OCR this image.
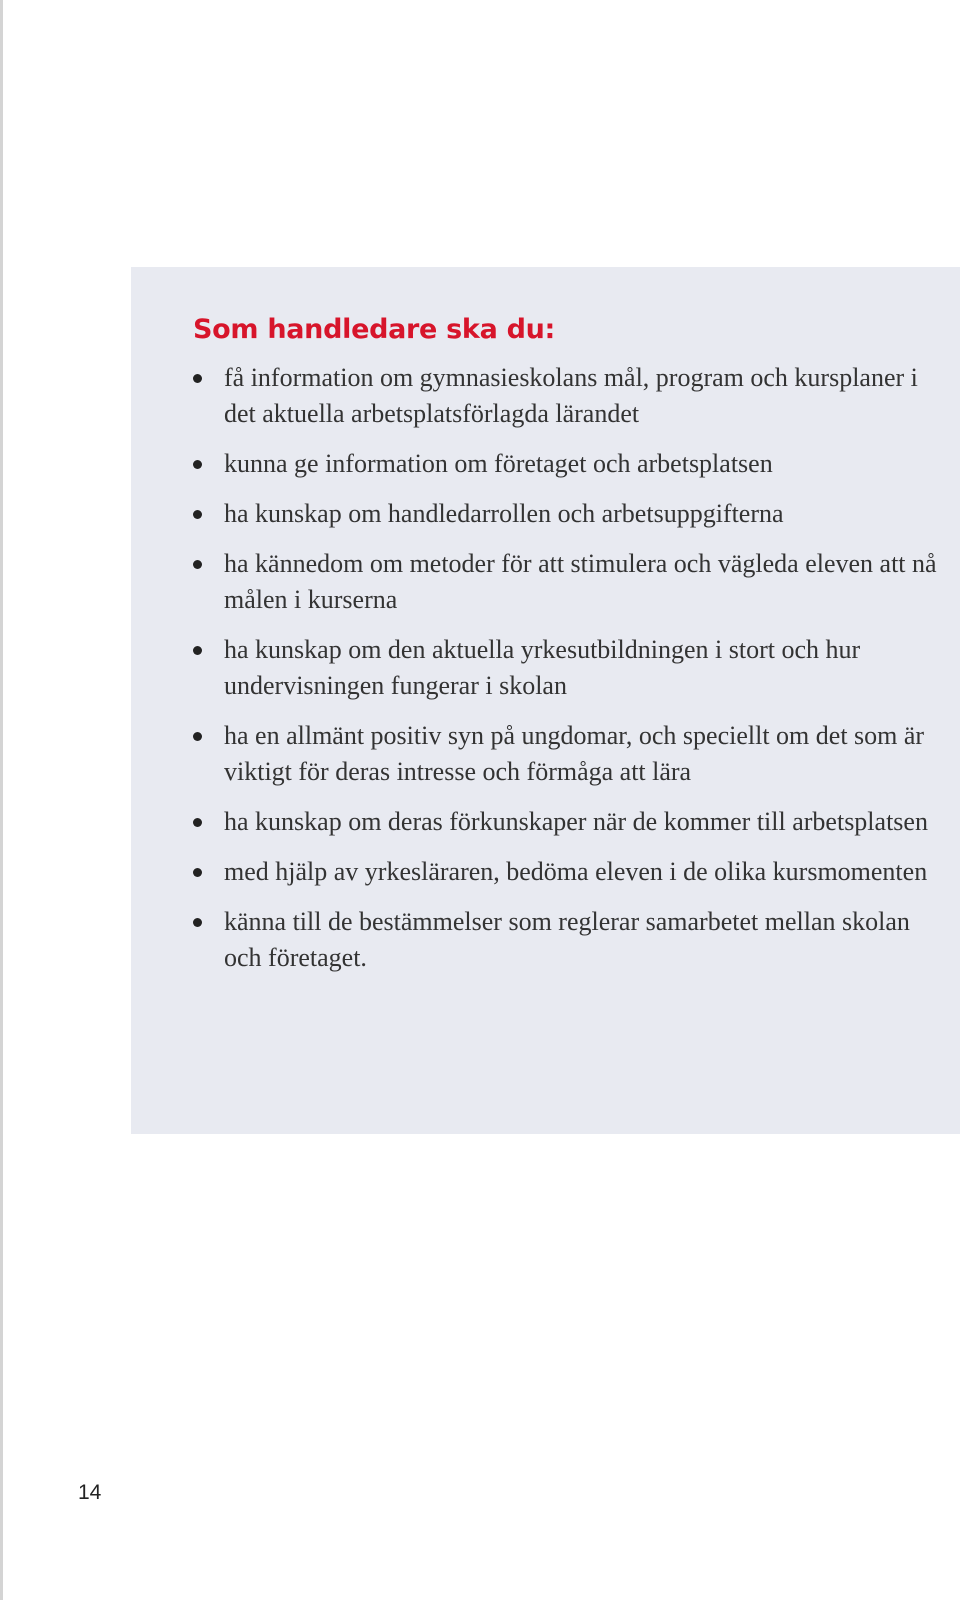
Som handledare ska du:
få information om gymnasieskolans mål, program och kursplaner i det aktuella arbetsplatsförlagda lärandet
kunna ge information om företaget och arbetsplatsen
ha kunskap om handledarrollen och arbetsuppgifterna
ha kännedom om metoder för att stimulera och vägleda eleven att nå målen i kurserna
ha kunskap om den aktuella yrkesutbildningen i stort och hur undervisningen fungerar i skolan
ha en allmänt positiv syn på ungdomar, och speciellt om det som är viktigt för deras intresse och förmåga att lära
ha kunskap om deras förkunskaper när de kommer till arbetsplatsen
med hjälp av yrkesläraren, bedöma eleven i de olika kursmomenten
känna till de bestämmelser som reglerar samarbetet mellan skolan och företaget.
14
